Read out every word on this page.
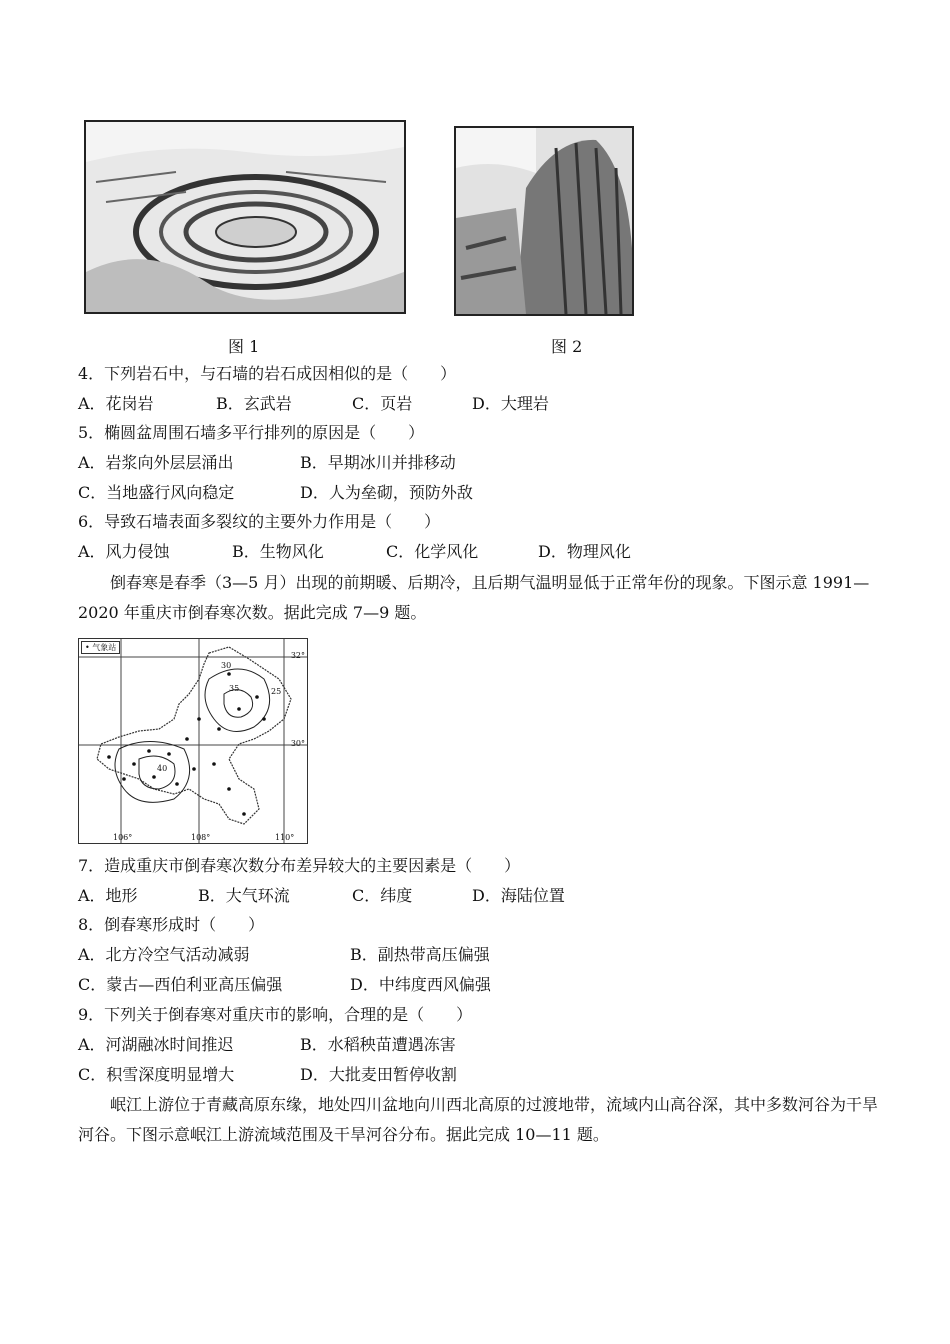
图 1	图 2
4．下列岩石中，与石墙的岩石成因相似的是（　　）
A．花岗岩	B．玄武岩	C．页岩	D．大理岩
5．椭圆盆周围石墙多平行排列的原因是（　　）
A．岩浆向外层层涌出	B．早期冰川并排移动
C．当地盛行风向稳定	D．人为垒砌，预防外敌
6．导致石墙表面多裂纹的主要外力作用是（　　）
A．风力侵蚀	B．生物风化	C．化学风化	D．物理风化
倒春寒是春季（3—5 月）出现的前期暖、后期冷，且后期气温明显低于正常年份的现象。下图示意 1991—2020 年重庆市倒春寒次数。据此完成 7—9 题。
• 气象站
32°
30°
30
35	25
40
106°	108°	110°
7．造成重庆市倒春寒次数分布差异较大的主要因素是（　　）
A．地形	B．大气环流	C．纬度	D．海陆位置
8．倒春寒形成时（　　）
A．北方冷空气活动减弱	B．副热带高压偏强
C．蒙古—西伯利亚高压偏强	D．中纬度西风偏强
9．下列关于倒春寒对重庆市的影响，合理的是（　　）
A．河湖融冰时间推迟	B．水稻秧苗遭遇冻害
C．积雪深度明显增大	D．大批麦田暂停收割
岷江上游位于青藏高原东缘，地处四川盆地向川西北高原的过渡地带，流域内山高谷深，其中多数河谷为干旱河谷。下图示意岷江上游流域范围及干旱河谷分布。据此完成 10—11 题。
